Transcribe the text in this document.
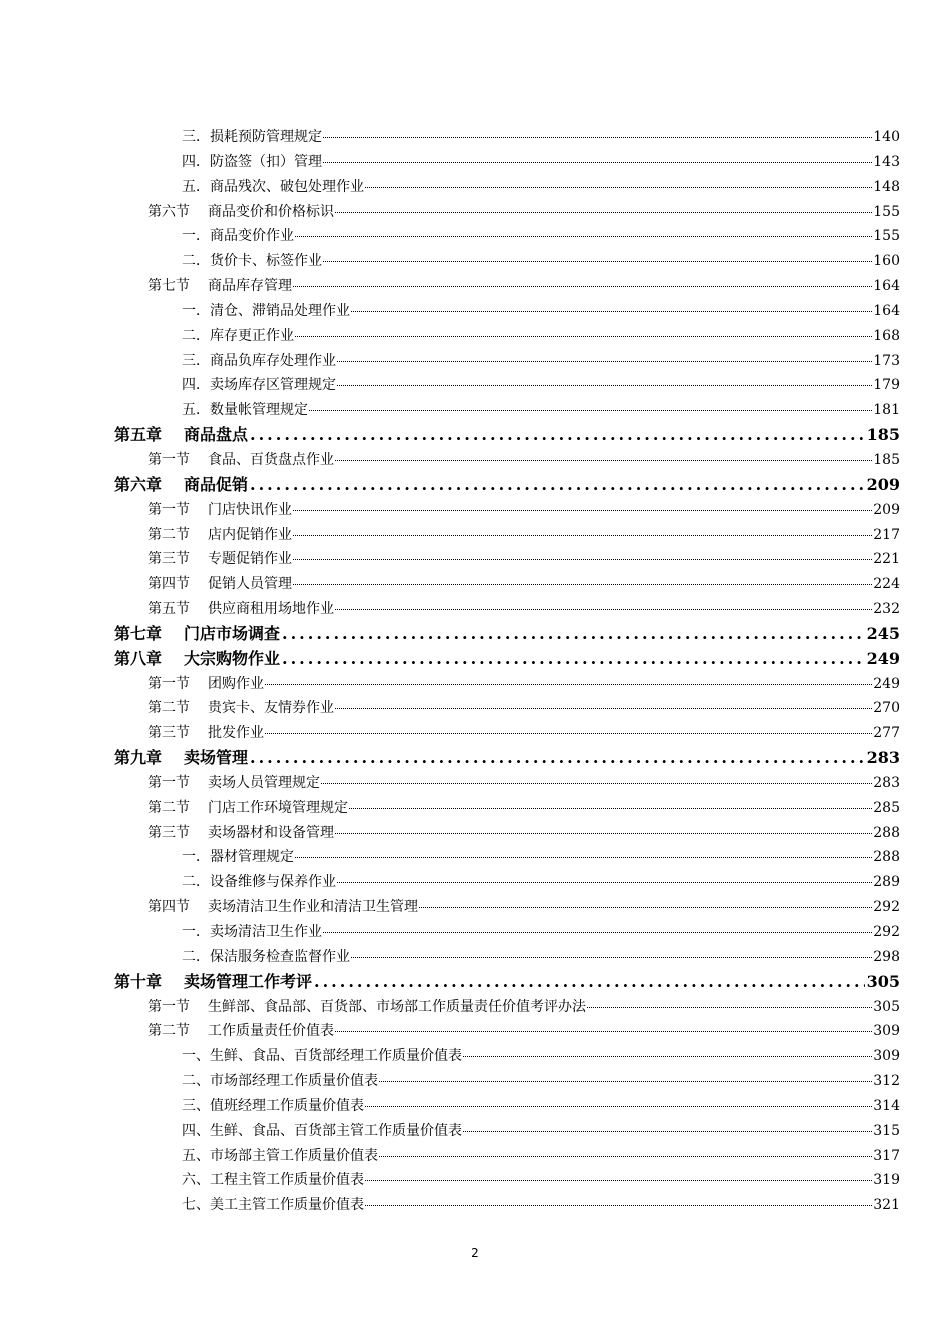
三．损耗预防管理规定	140
四．防盗签（扣）管理	143
五．商品残次、破包处理作业	148
第六节 商品变价和价格标识	155
一．商品变价作业	155
二．货价卡、标签作业	160
第七节 商品库存管理	164
一．清仓、滞销品处理作业	164
二．库存更正作业	168
三．商品负库存处理作业	173
四．卖场库存区管理规定	179
五．数量帐管理规定	181
第五章 商品盘点 .....	185
第一节 食品、百货盘点作业	185
第六章 商品促销 .....	209
第一节 门店快讯作业	209
第二节 店内促销作业	217
第三节 专题促销作业	221
第四节 促销人员管理	224
第五节 供应商租用场地作业	232
第七章 门店市场调查 .....	245
第八章 大宗购物作业 .....	249
第一节 团购作业	249
第二节 贵宾卡、友情券作业	270
第三节 批发作业	277
第九章 卖场管理 .....	283
第一节 卖场人员管理规定	283
第二节 门店工作环境管理规定	285
第三节 卖场器材和设备管理	288
一．器材管理规定	288
二．设备维修与保养作业	289
第四节 卖场清洁卫生作业和清洁卫生管理	292
一．卖场清洁卫生作业	292
二．保洁服务检查监督作业	298
第十章 卖场管理工作考评 .....	305
第一节 生鲜部、食品部、百货部、市场部工作质量责任价值考评办法	305
第二节 工作质量责任价值表	309
一、生鲜、食品、百货部经理工作质量价值表	309
二、市场部经理工作质量价值表	312
三、值班经理工作质量价值表	314
四、生鲜、食品、百货部主管工作质量价值表	315
五、市场部主管工作质量价值表	317
六、工程主管工作质量价值表	319
七、美工主管工作质量价值表	321
2
